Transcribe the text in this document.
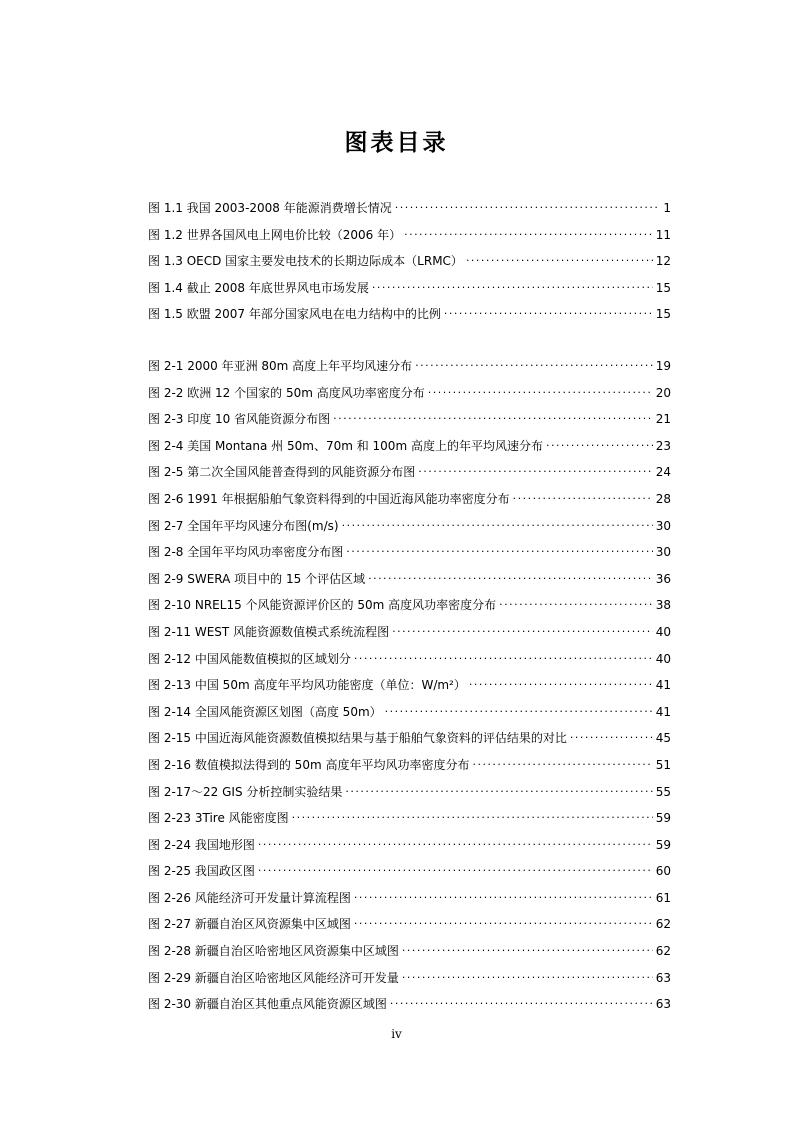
图表目录
图 1.1 我国 2003-2008 年能源消费增长情况 . . .	1
图 1.2 世界各国风电上网电价比较（2006 年） . . .	11
图 1.3 OECD 国家主要发电技术的长期边际成本（LRMC） . . .	12
图 1.4 截止 2008 年底世界风电市场发展 . . .	15
图 1.5 欧盟 2007 年部分国家风电在电力结构中的比例 . . .	15
图 2-1 2000 年亚洲 80m 高度上年平均风速分布 . . .	19
图 2-2 欧洲 12 个国家的 50m 高度风功率密度分布 . . .	20
图 2-3 印度 10 省风能资源分布图 . . .	21
图 2-4 美国 Montana 州 50m、70m 和 100m 高度上的年平均风速分布 . . .	23
图 2-5 第二次全国风能普查得到的风能资源分布图 . . .	24
图 2-6 1991 年根据船舶气象资料得到的中国近海风能功率密度分布 . . .	28
图 2-7 全国年平均风速分布图(m/s) . . .	30
图 2-8 全国年平均风功率密度分布图 . . .	30
图 2-9 SWERA 项目中的 15 个评估区域 . . .	36
图 2-10 NREL15 个风能资源评价区的 50m 高度风功率密度分布 . . .	38
图 2-11 WEST 风能资源数值模式系统流程图 . . .	40
图 2-12 中国风能数值模拟的区域划分 . . .	40
图 2-13 中国 50m 高度年平均风功能密度（单位：W/m²） . . .	41
图 2-14 全国风能资源区划图（高度 50m） . . .	41
图 2-15 中国近海风能资源数值模拟结果与基于船舶气象资料的评估结果的对比 . . .	45
图 2-16 数值模拟法得到的 50m 高度年平均风功率密度分布 . . .	51
图 2-17～22 GIS 分析控制实验结果 . . .	55
图 2-23 3Tire 风能密度图 . . .	59
图 2-24 我国地形图 . . .	59
图 2-25 我国政区图 . . .	60
图 2-26 风能经济可开发量计算流程图 . . .	61
图 2-27 新疆自治区风资源集中区域图 . . .	62
图 2-28 新疆自治区哈密地区风资源集中区域图 . . .	62
图 2-29 新疆自治区哈密地区风能经济可开发量 . . .	63
图 2-30 新疆自治区其他重点风能资源区域图 . . .	63
iv
